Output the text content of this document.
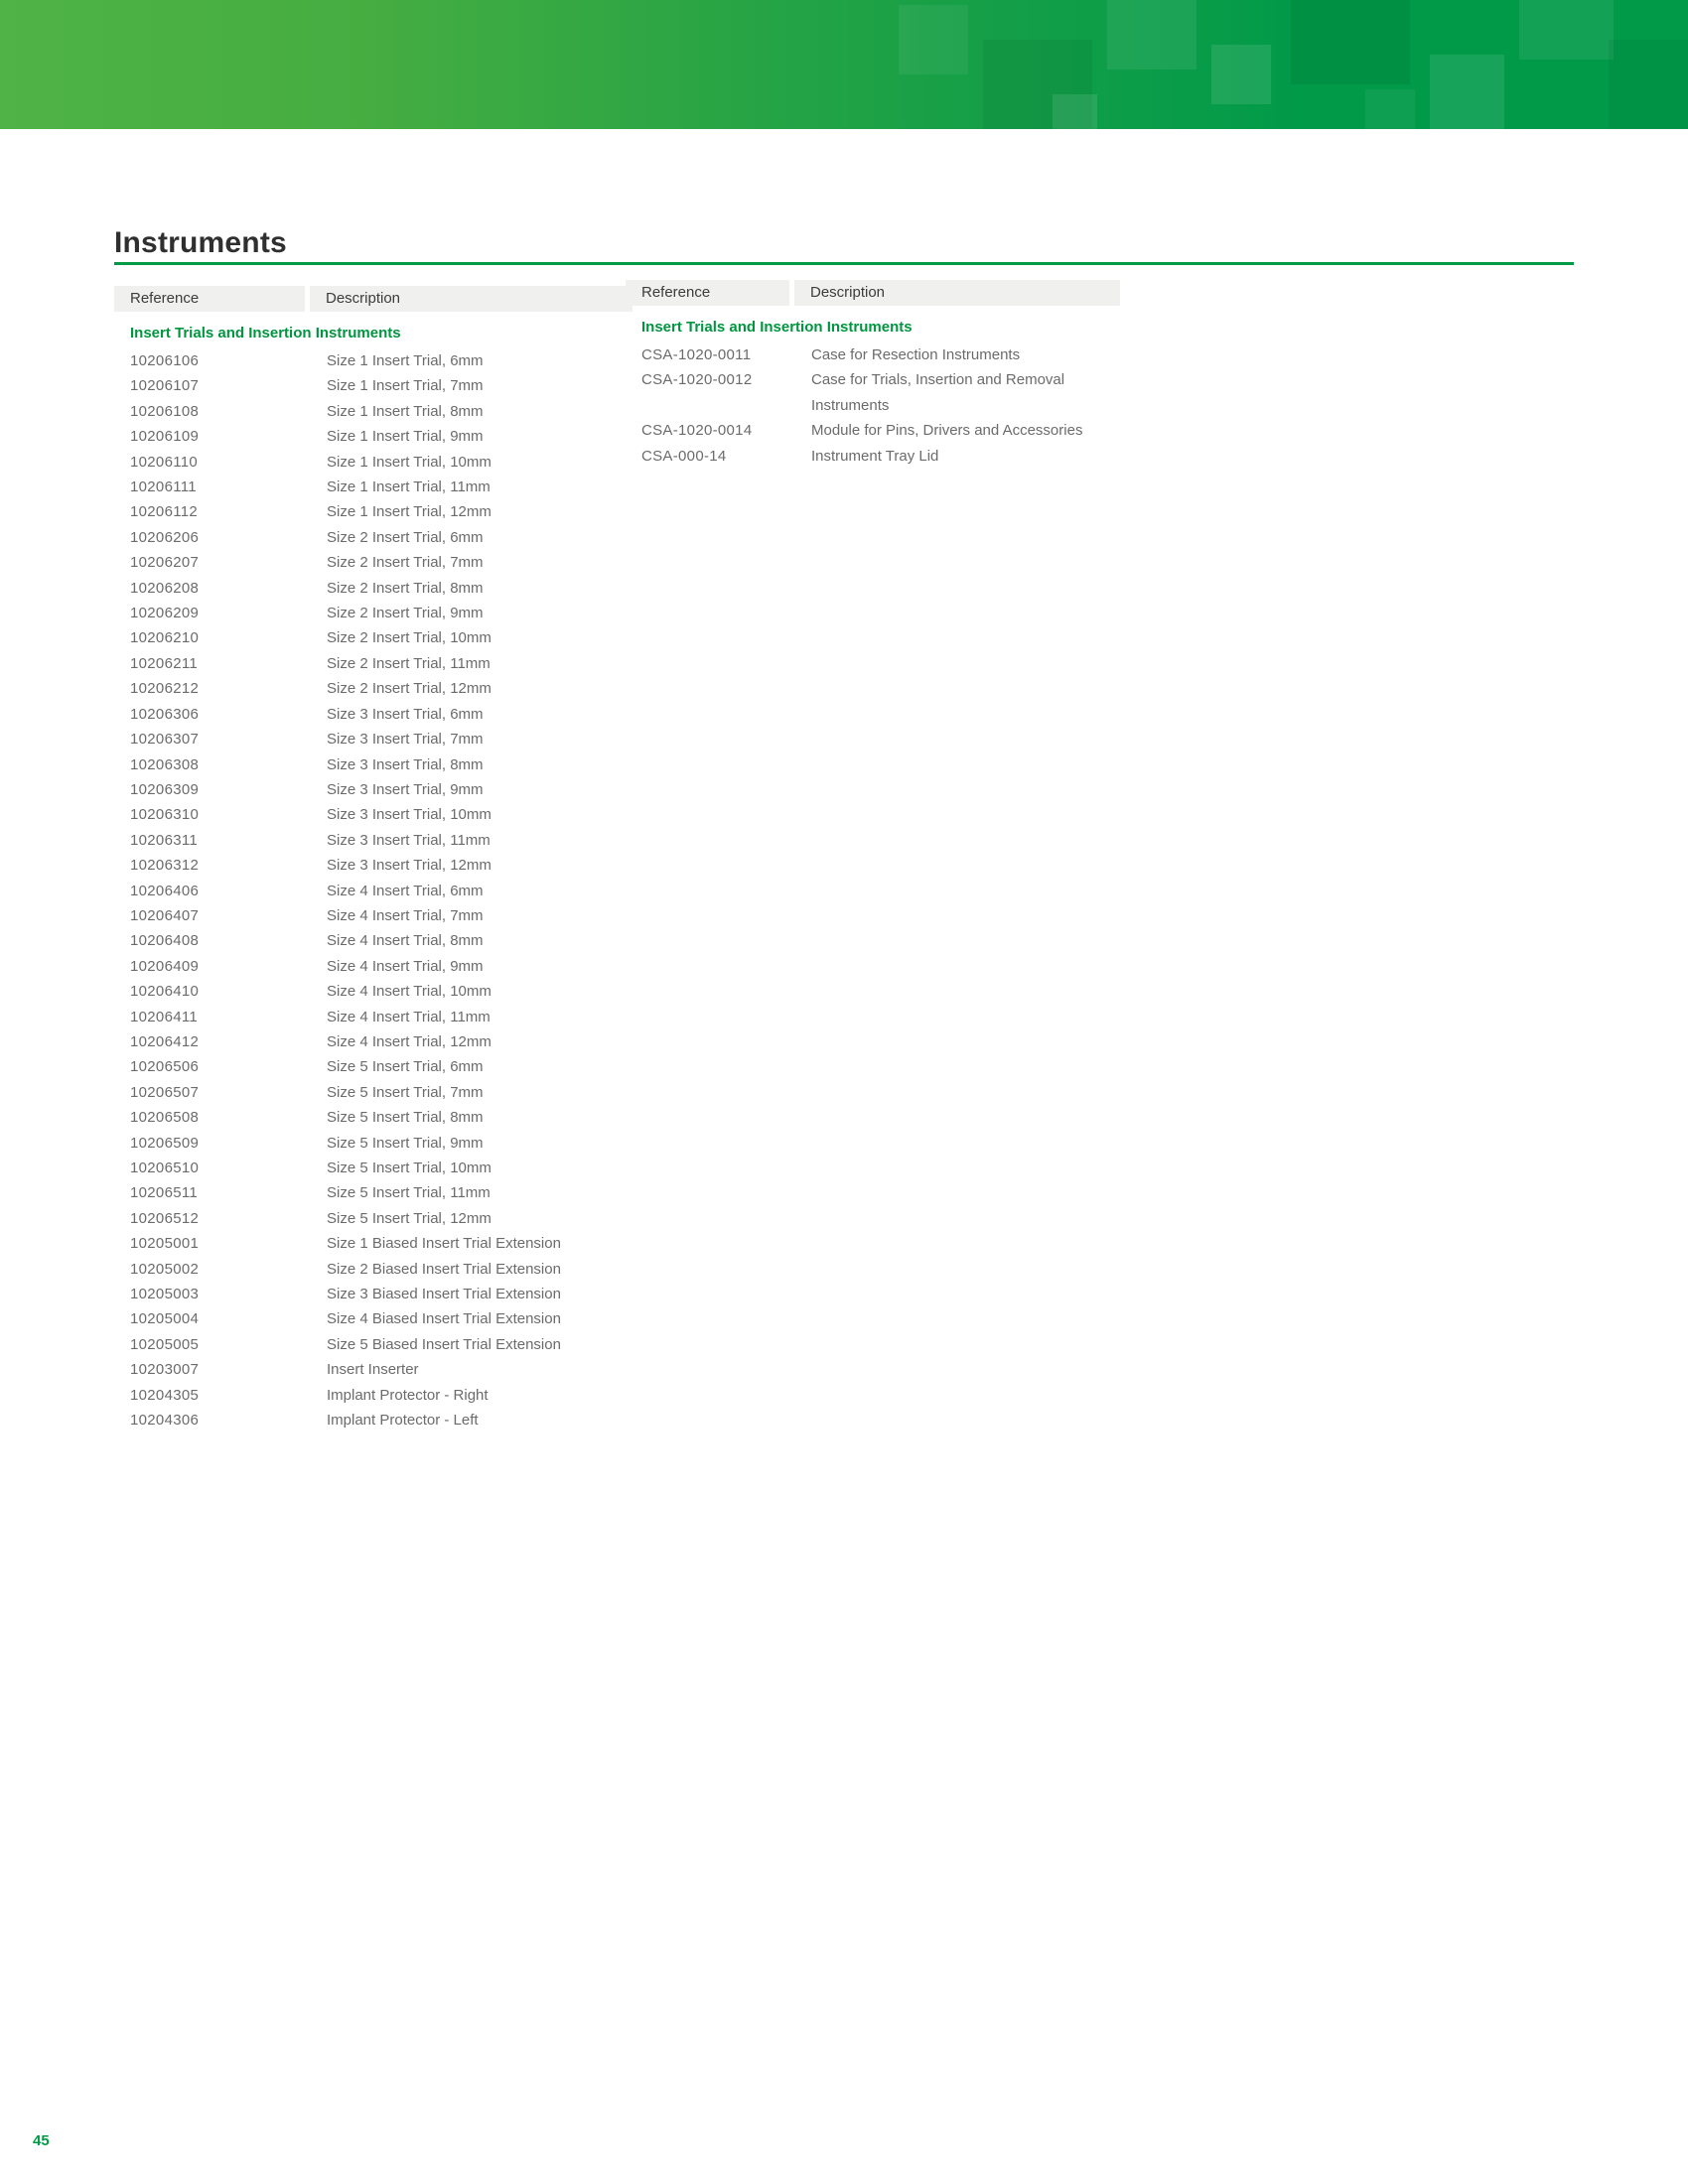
Instruments
Reference	Description
Insert Trials and Insertion Instruments
10206106	Size 1 Insert Trial, 6mm
10206107	Size 1 Insert Trial, 7mm
10206108	Size 1 Insert Trial, 8mm
10206109	Size 1 Insert Trial, 9mm
10206110	Size 1 Insert Trial, 10mm
10206111	Size 1 Insert Trial, 11mm
10206112	Size 1 Insert Trial, 12mm
10206206	Size 2 Insert Trial, 6mm
10206207	Size 2 Insert Trial, 7mm
10206208	Size 2 Insert Trial, 8mm
10206209	Size 2 Insert Trial, 9mm
10206210	Size 2 Insert Trial, 10mm
10206211	Size 2 Insert Trial, 11mm
10206212	Size 2 Insert Trial, 12mm
10206306	Size 3 Insert Trial, 6mm
10206307	Size 3 Insert Trial, 7mm
10206308	Size 3 Insert Trial, 8mm
10206309	Size 3 Insert Trial, 9mm
10206310	Size 3 Insert Trial, 10mm
10206311	Size 3 Insert Trial, 11mm
10206312	Size 3 Insert Trial, 12mm
10206406	Size 4 Insert Trial, 6mm
10206407	Size 4 Insert Trial, 7mm
10206408	Size 4 Insert Trial, 8mm
10206409	Size 4 Insert Trial, 9mm
10206410	Size 4 Insert Trial, 10mm
10206411	Size 4 Insert Trial, 11mm
10206412	Size 4 Insert Trial, 12mm
10206506	Size 5 Insert Trial, 6mm
10206507	Size 5 Insert Trial, 7mm
10206508	Size 5 Insert Trial, 8mm
10206509	Size 5 Insert Trial, 9mm
10206510	Size 5 Insert Trial, 10mm
10206511	Size 5 Insert Trial, 11mm
10206512	Size 5 Insert Trial, 12mm
10205001	Size 1 Biased Insert Trial Extension
10205002	Size 2 Biased Insert Trial Extension
10205003	Size 3 Biased Insert Trial Extension
10205004	Size 4 Biased Insert Trial Extension
10205005	Size 5 Biased Insert Trial Extension
10203007	Insert Inserter
10204305	Implant Protector - Right
10204306	Implant Protector - Left
Reference	Description
Insert Trials and Insertion Instruments
CSA-1020-0011	Case for Resection Instruments
CSA-1020-0012	Case for Trials, Insertion and Removal Instruments
CSA-1020-0014	Module for Pins, Drivers and Accessories
CSA-000-14	Instrument Tray Lid
45
